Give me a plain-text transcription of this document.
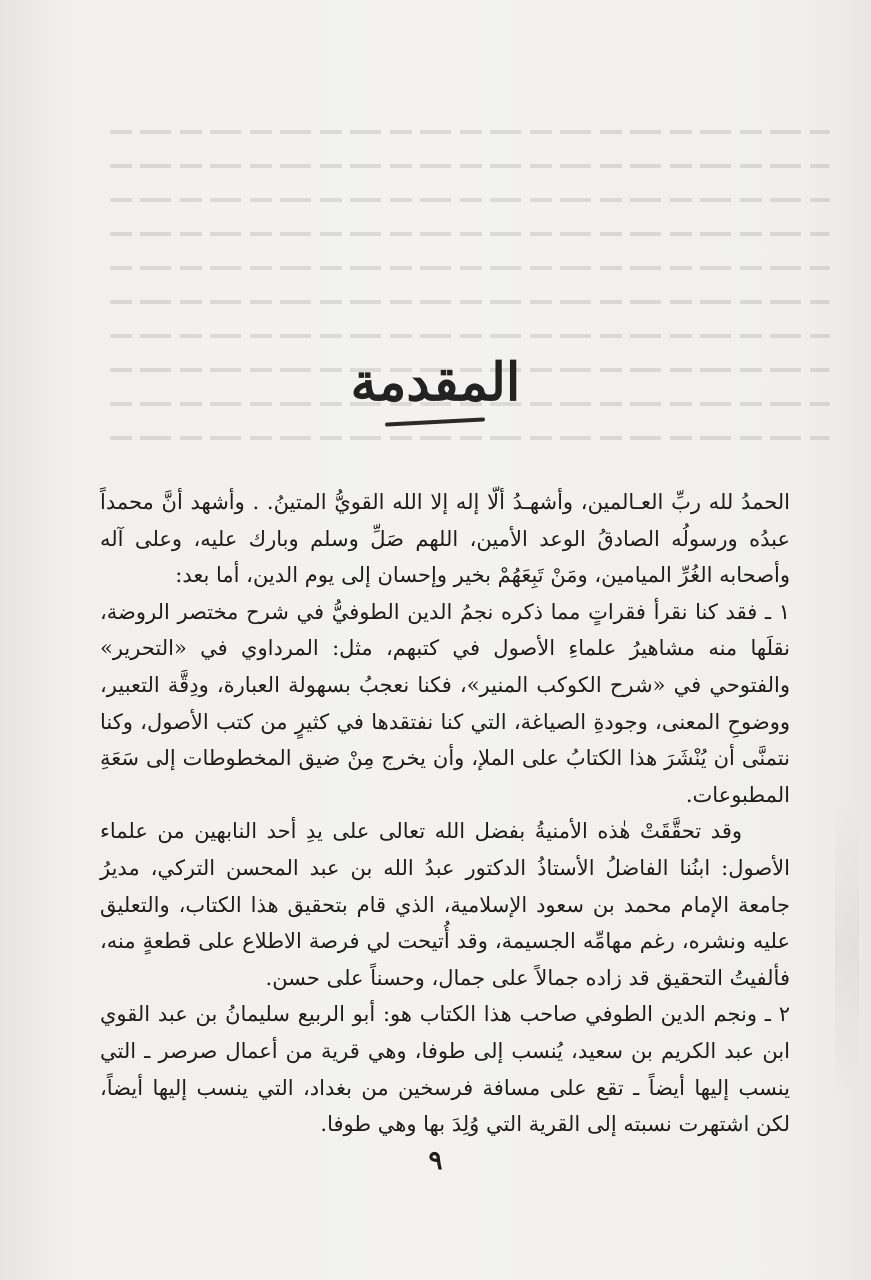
المقدمة

الحمدُ لله ربِّ العـالمين، وأشهـدُ ألّا إله إلا الله القويُّ المتينُ. . وأشهد أنَّ محمداً عبدُه ورسولُه الصادقُ الوعد الأمين، اللهم صَلِّ وسلم وبارك عليه، وعلى آله وأصحابه الغُرِّ الميامين، ومَنْ تَبِعَهُمْ بخير وإحسان إلى يوم الدين، أما بعد:

١ ـ فقد كنا نقرأ فقراتٍ مما ذكره نجمُ الدين الطوفيُّ في شرح مختصر الروضة، نقلَها منه مشاهيرُ علماءِ الأصول في كتبهم، مثل: المرداوي في «التحرير» والفتوحي في «شرح الكوكب المنير»، فكنا نعجبُ بسهولة العبارة، ودِقَّة التعبير، ووضوحِ المعنى، وجودةِ الصياغة، التي كنا نفتقدها في كثيرٍ من كتب الأصول، وكنا نتمنَّى أن يُنْشَرَ هذا الكتابُ على الملإ، وأن يخرج مِنْ ضيق المخطوطات إلى سَعَةِ المطبوعات.

وقد تحقَّقَتْ هٰذه الأمنيةُ بفضل الله تعالى على يدِ أحد النابهين من علماء الأصول: ابنُنا الفاضلُ الأستاذُ الدكتور عبدُ الله بن عبد المحسن التركي، مديرُ جامعة الإمام محمد بن سعود الإسلامية، الذي قام بتحقيق هذا الكتاب، والتعليق عليه ونشره، رغم مهامِّه الجسيمة، وقد أُتيحت لي فرصة الاطلاع على قطعةٍ منه، فألفيتُ التحقيق قد زاده جمالاً على جمال، وحسناً على حسن.

٢ ـ ونجم الدين الطوفي صاحب هذا الكتاب هو: أبو الربيع سليمانُ بن عبد القوي ابن عبد الكريم بن سعيد، يُنسب إلى طوفا، وهي قرية من أعمال صرصر ـ التي ينسب إليها أيضاً ـ تقع على مسافة فرسخين من بغداد، التي ينسب إليها أيضاً، لكن اشتهرت نسبته إلى القرية التي وُلِدَ بها وهي طوفا.

٩
